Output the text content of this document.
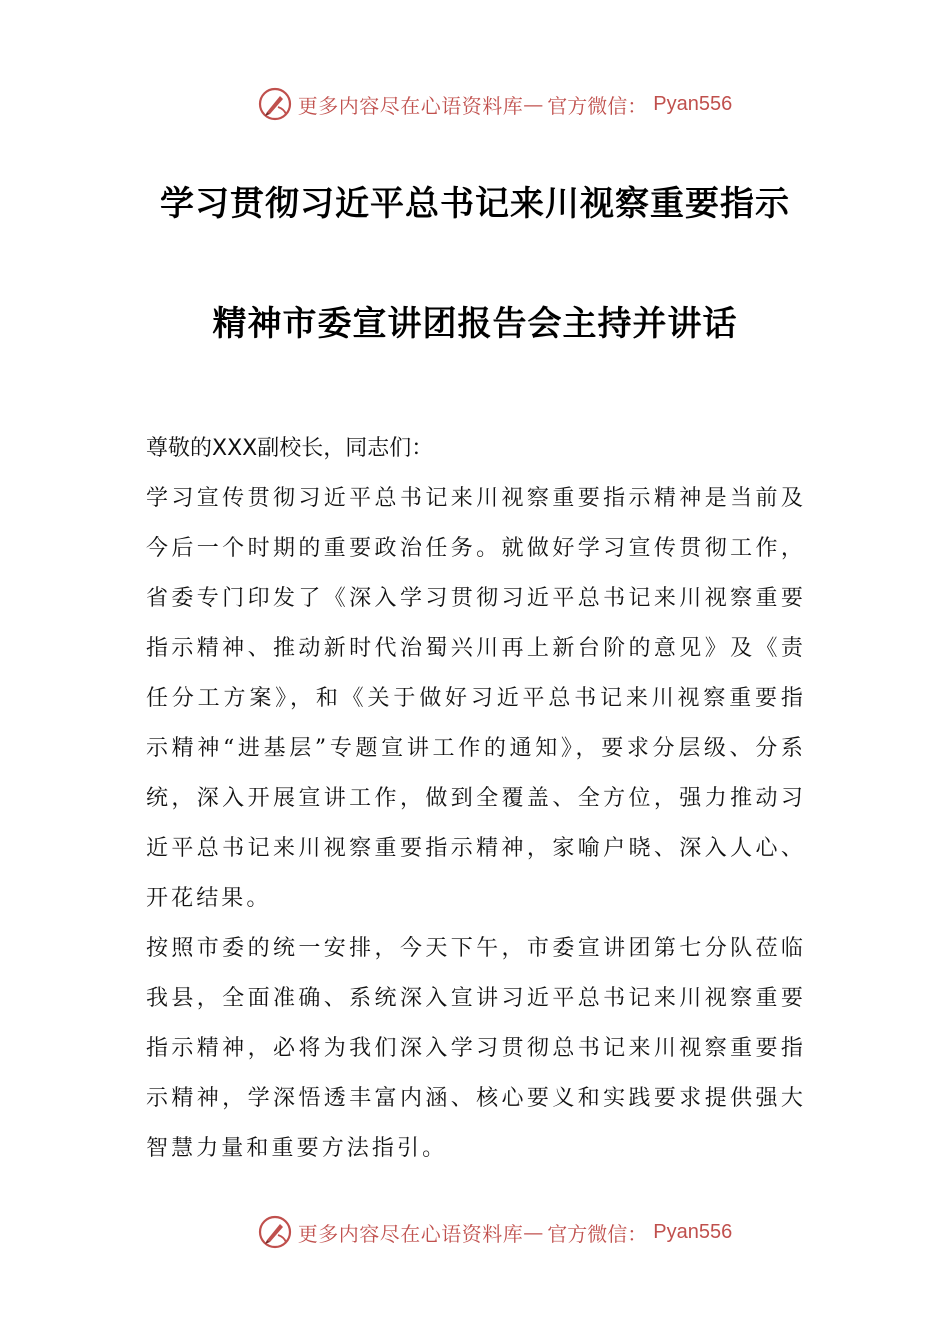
更多内容尽在心语资料库 — 官方微信： Pyan556
学习贯彻习近平总书记来川视察重要指示
精神市委宣讲团报告会主持并讲话

尊敬的XXX副校长，同志们：

学习宣传贯彻习近平总书记来川视察重要指示精神是当前及今后一个时期的重要政治任务。就做好学习宣传贯彻工作，省委专门印发了《深入学习贯彻习近平总书记来川视察重要指示精神、推动新时代治蜀兴川再上新台阶的意见》及《责任分工方案》，和《关于做好习近平总书记来川视察重要指示精神“进基层”专题宣讲工作的通知》，要求分层级、分系统，深入开展宣讲工作，做到全覆盖、全方位，强力推动习近平总书记来川视察重要指示精神，家喻户晓、深入人心、开花结果。

按照市委的统一安排，今天下午，市委宣讲团第七分队莅临我县，全面准确、系统深入宣讲习近平总书记来川视察重要指示精神，必将为我们深入学习贯彻总书记来川视察重要指示精神，学深悟透丰富内涵、核心要义和实践要求提供强大智慧力量和重要方法指引。

更多内容尽在心语资料库 — 官方微信： Pyan556
